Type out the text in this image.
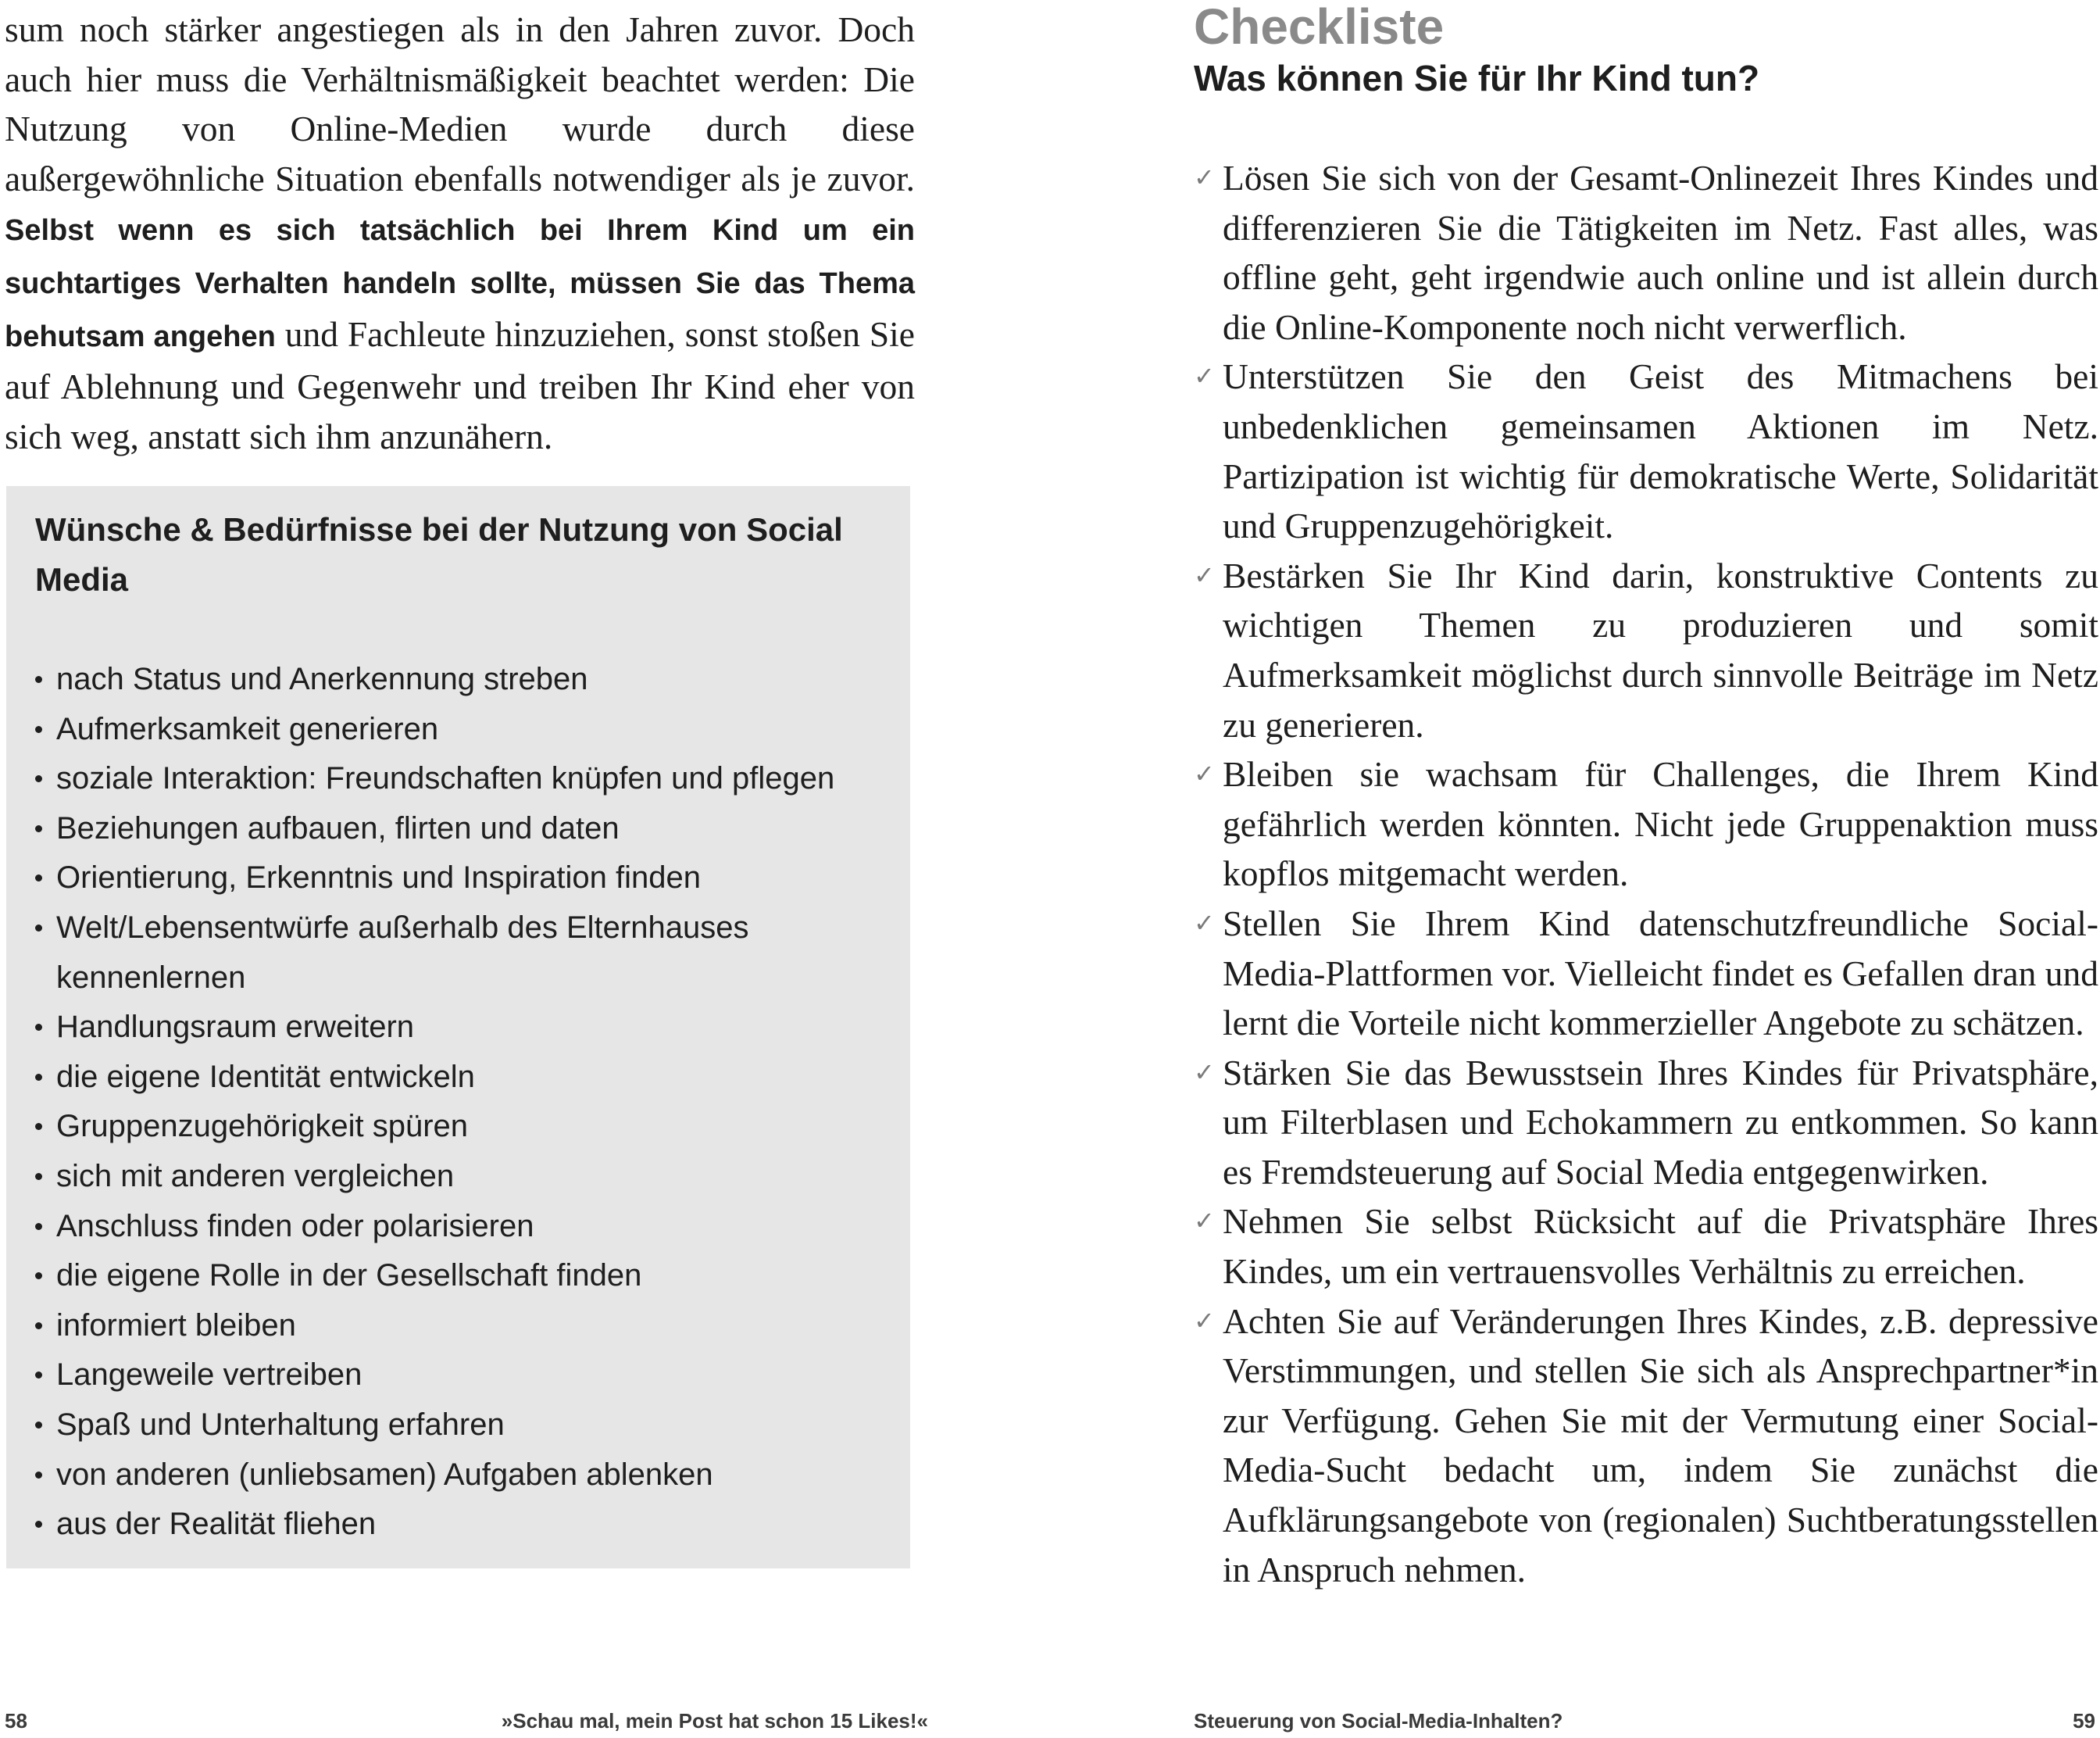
sum noch stärker angestiegen als in den Jahren zuvor. Doch auch hier muss die Verhältnismäßigkeit beachtet werden: Die Nutzung von Online-Medien wurde durch diese außergewöhnliche Situation ebenfalls notwendiger als je zuvor. Selbst wenn es sich tatsächlich bei Ihrem Kind um ein suchtartiges Verhalten handeln sollte, müssen Sie das Thema behutsam angehen und Fachleute hinzuziehen, sonst stoßen Sie auf Ablehnung und Gegenwehr und treiben Ihr Kind eher von sich weg, anstatt sich ihm anzunähern.

Wünsche & Bedürfnisse bei der Nutzung von Social Media
nach Status und Anerkennung streben
Aufmerksamkeit generieren
soziale Interaktion: Freundschaften knüpfen und pflegen
Beziehungen aufbauen, flirten und daten
Orientierung, Erkenntnis und Inspiration finden
Welt/Lebensentwürfe außerhalb des Elternhauses kennenlernen
Handlungsraum erweitern
die eigene Identität entwickeln
Gruppenzugehörigkeit spüren
sich mit anderen vergleichen
Anschluss finden oder polarisieren
die eigene Rolle in der Gesellschaft finden
informiert bleiben
Langeweile vertreiben
Spaß und Unterhaltung erfahren
von anderen (unliebsamen) Aufgaben ablenken
aus der Realität fliehen
58	»Schau mal, mein Post hat schon 15 Likes!«
Checkliste
Was können Sie für Ihr Kind tun?
✓ Lösen Sie sich von der Gesamt-Onlinezeit Ihres Kindes und differenzieren Sie die Tätigkeiten im Netz. Fast alles, was offline geht, geht irgendwie auch online und ist allein durch die Online-Komponente noch nicht verwerflich.
✓ Unterstützen Sie den Geist des Mitmachens bei unbedenklichen gemeinsamen Aktionen im Netz. Partizipation ist wichtig für demokratische Werte, Solidarität und Gruppenzugehörigkeit.
✓ Bestärken Sie Ihr Kind darin, konstruktive Contents zu wichtigen Themen zu produzieren und somit Aufmerksamkeit möglichst durch sinnvolle Beiträge im Netz zu generieren.
✓ Bleiben sie wachsam für Challenges, die Ihrem Kind gefährlich werden könnten. Nicht jede Gruppenaktion muss kopflos mitgemacht werden.
✓ Stellen Sie Ihrem Kind datenschutzfreundliche Social-Media-Plattformen vor. Vielleicht findet es Gefallen dran und lernt die Vorteile nicht kommerzieller Angebote zu schätzen.
✓ Stärken Sie das Bewusstsein Ihres Kindes für Privatsphäre, um Filterblasen und Echokammern zu entkommen. So kann es Fremdsteuerung auf Social Media entgegenwirken.
✓ Nehmen Sie selbst Rücksicht auf die Privatsphäre Ihres Kindes, um ein vertrauensvolles Verhältnis zu erreichen.
✓ Achten Sie auf Veränderungen Ihres Kindes, z.B. depressive Verstimmungen, und stellen Sie sich als Ansprechpartner*in zur Verfügung. Gehen Sie mit der Vermutung einer Social-Media-Sucht bedacht um, indem Sie zunächst die Aufklärungsangebote von (regionalen) Suchtberatungsstellen in Anspruch nehmen.
Steuerung von Social-Media-Inhalten?	59
